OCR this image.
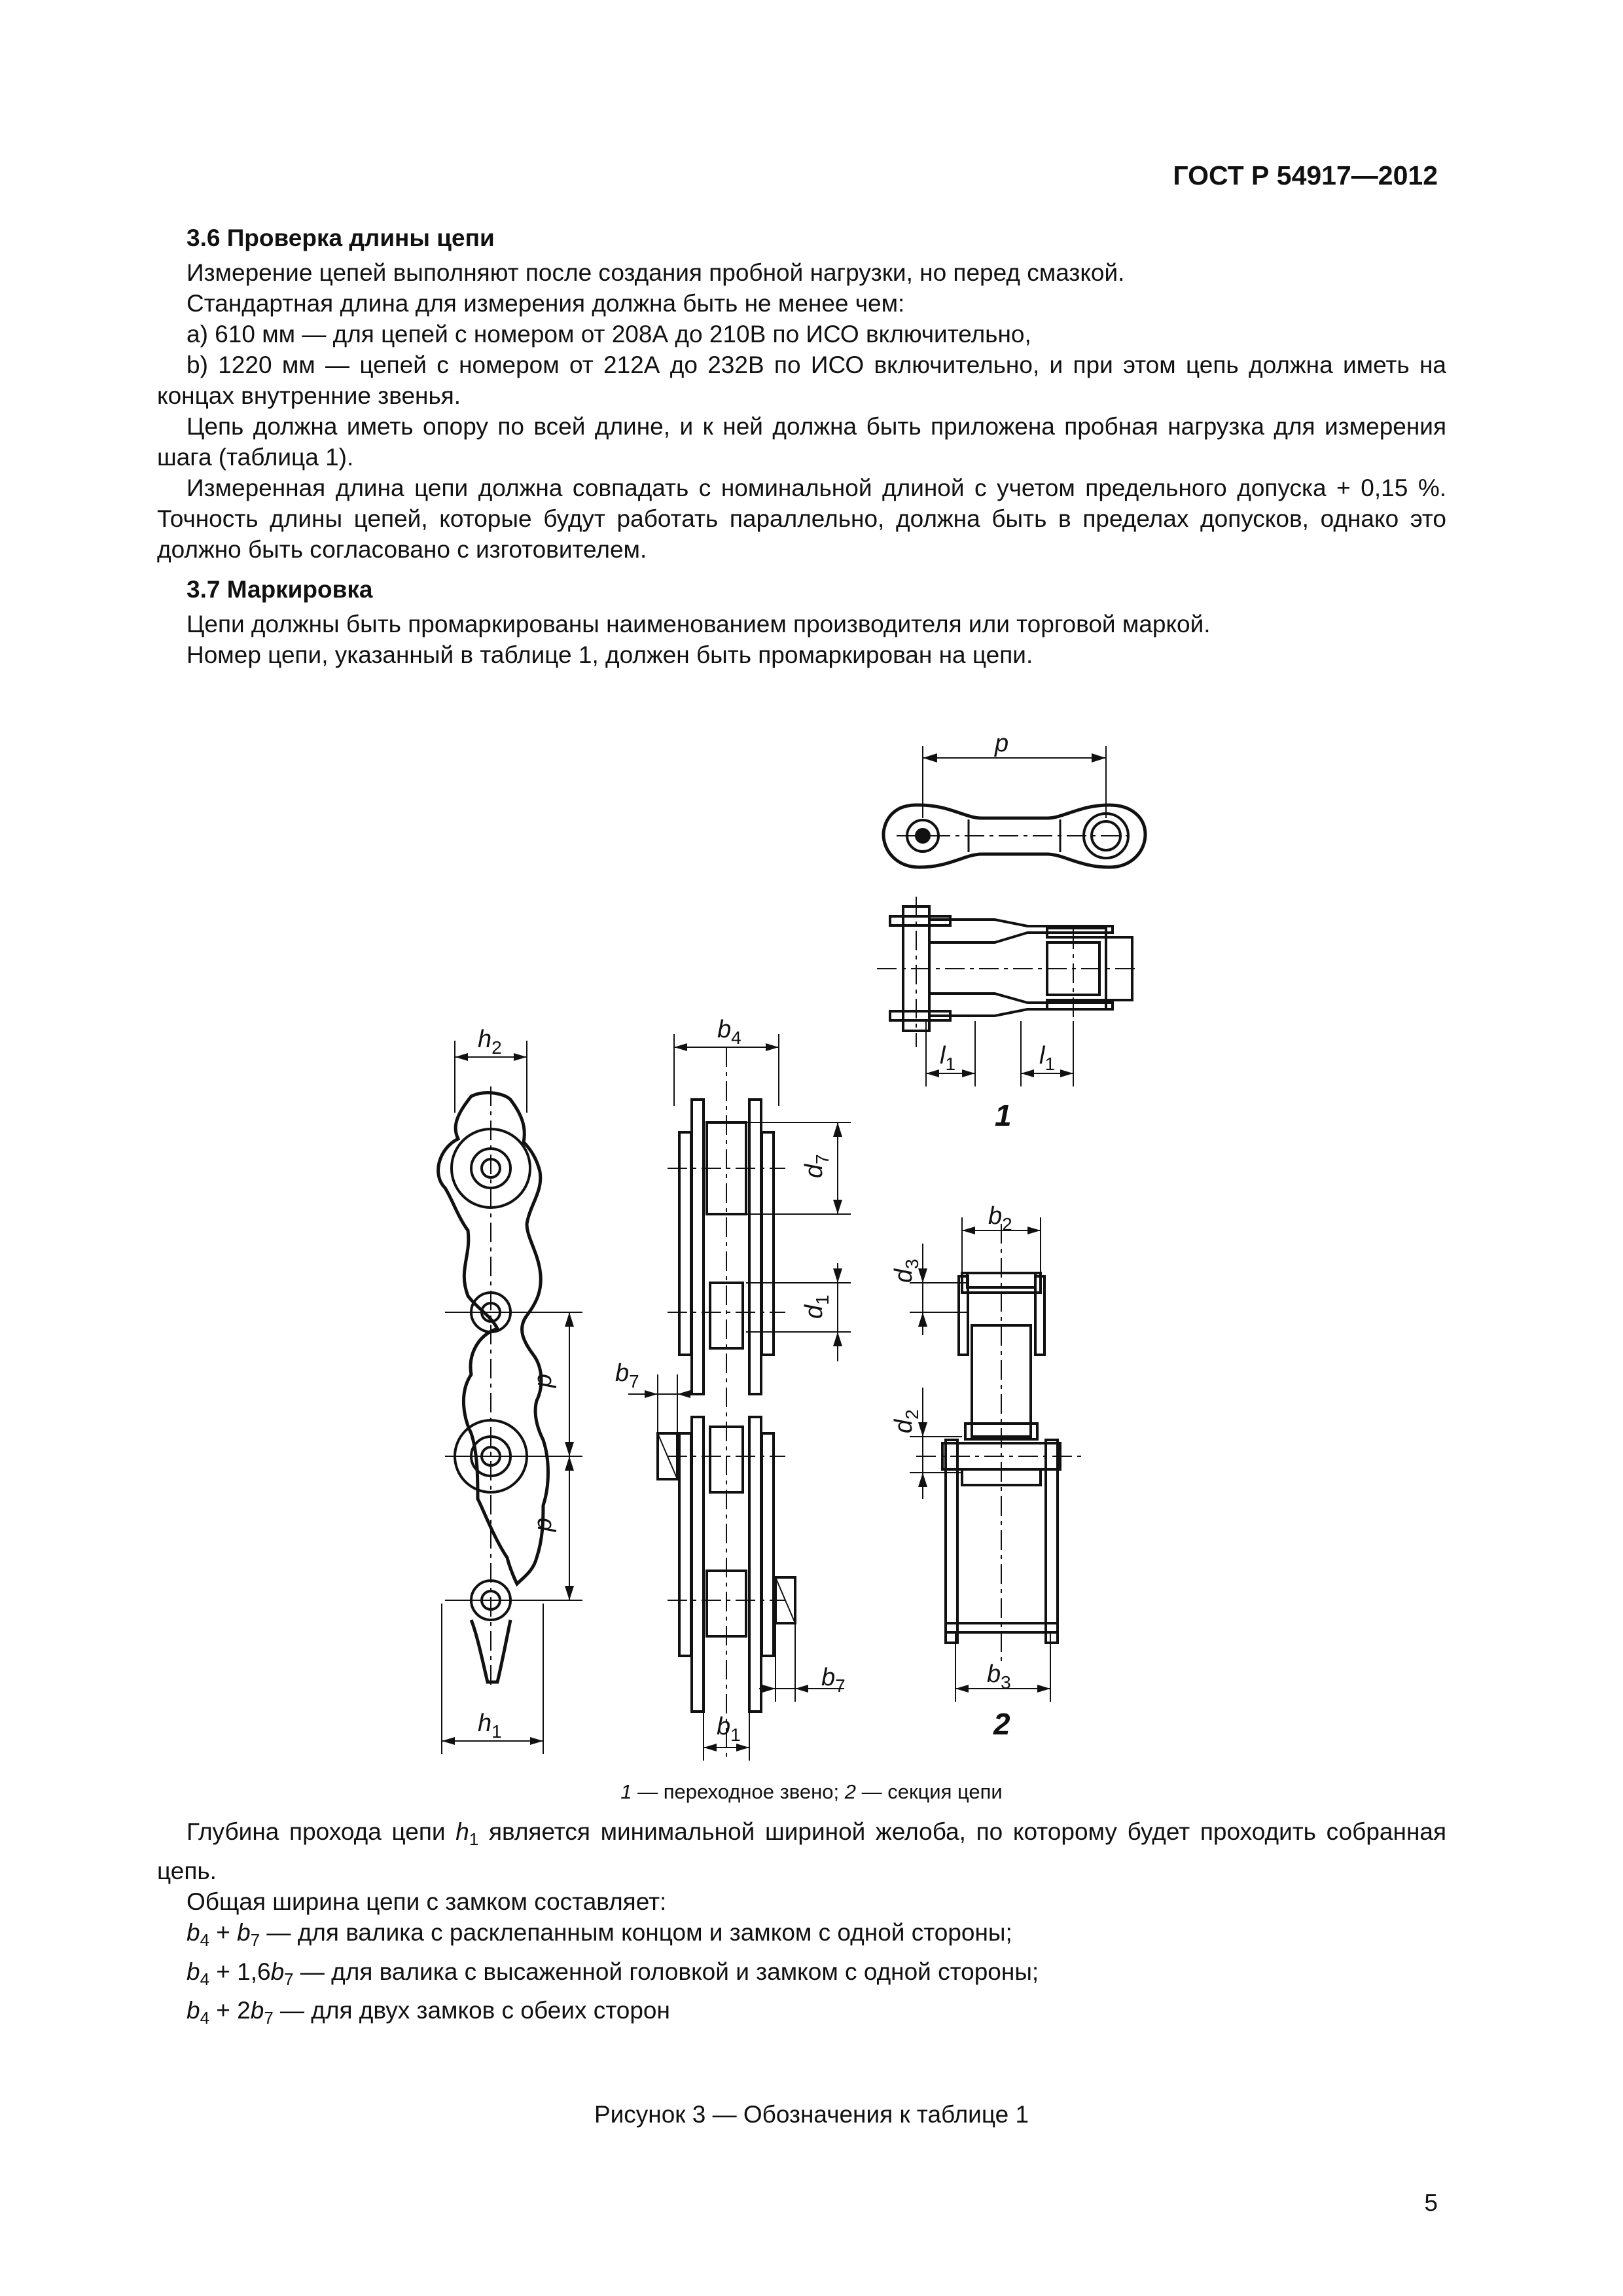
ГОСТ Р 54917—2012

3.6 Проверка длины цепи

Измерение цепей выполняют после создания пробной нагрузки, но перед смазкой.

Стандартная длина для измерения должна быть не менее чем:

а) 610 мм — для цепей с номером от 208А до 210В по ИСО включительно,

b) 1220 мм — цепей с номером от 212А до 232В по ИСО включительно, и при этом цепь должна иметь на концах внутренние звенья.

Цепь должна иметь опору по всей длине, и к ней должна быть приложена пробная нагрузка для измерения шага (таблица 1).

Измеренная длина цепи должна совпадать с номинальной длиной с учетом предельного допуска + 0,15 %. Точность длины цепей, которые будут работать параллельно, должна быть в пределах допусков, однако это должно быть согласовано с изготовителем.

3.7 Маркировка

Цепи должны быть промаркированы наименованием производителя или торговой маркой.

Номер цепи, указанный в таблице 1, должен быть промаркирован на цепи.

p
$l_1$	$l_1$
$h_2$
$h_1$
p
p
$b_4$
$d_7$
$d_1$
$b_7$
$b_7$
$b_1$
$b_2$
$d_3$
$d_2$
$b_3$
1
2
1 — переходное звено; 2 — секция цепи

Глубина прохода цепи $h_1$ является минимальной шириной желоба, по которому будет проходить собранная цепь.

Общая ширина цепи с замком составляет:

$b_4 + b_7$ — для валика с расклепанным концом и замком с одной стороны;

$b_4 + 1,6b_7$ — для валика с высаженной головкой и замком с одной стороны;

$b_4 + 2b_7$ — для двух замков с обеих сторон

Рисунок 3 — Обозначения к таблице 1
5
